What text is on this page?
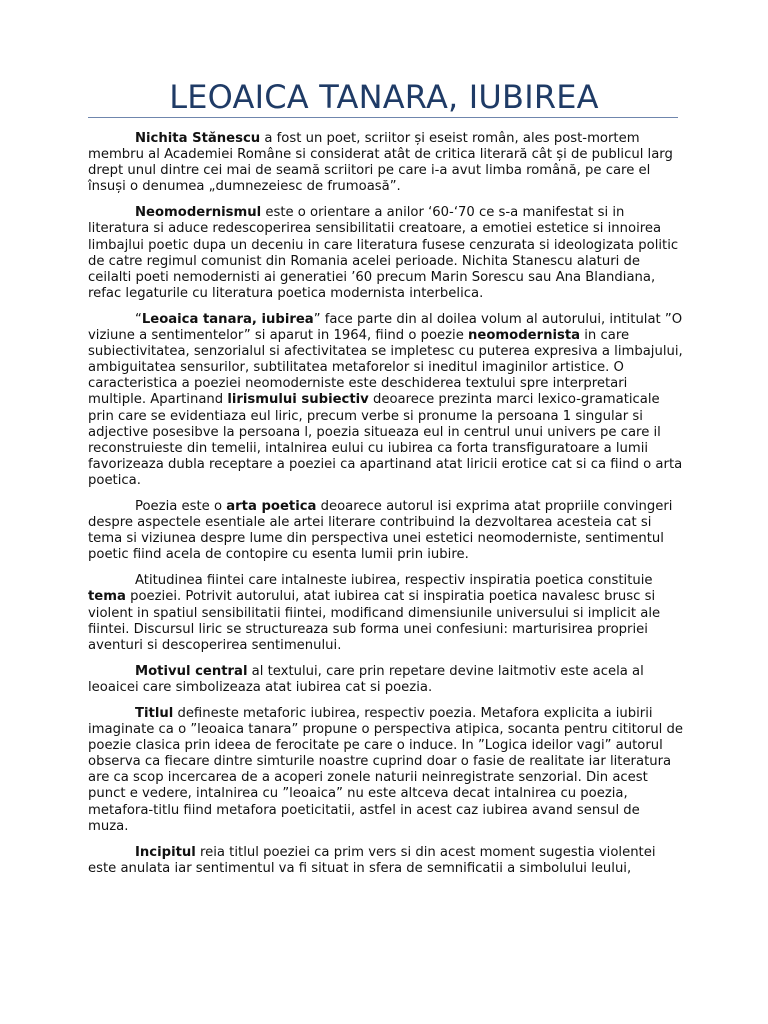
LEOAICA TANARA, IUBIREA

Nichita Stănescu a fost un poet, scriitor și eseist român, ales post-mortem membru al Academiei Române si considerat atât de critica literară cât și de publicul larg drept unul dintre cei mai de seamă scriitori pe care i-a avut limba română, pe care el însuși o denumea „dumnezeiesc de frumoasă”.

Neomodernismul este o orientare a anilor ‘60-‘70 ce s-a manifestat si in literatura si aduce redescoperirea sensibilitatii creatoare, a emotiei estetice si innoirea limbajlui poetic dupa un deceniu in care literatura fusese cenzurata si ideologizata politic de catre regimul comunist din Romania acelei perioade. Nichita Stanescu alaturi de ceilalti poeti nemodernisti ai generatiei ’60 precum Marin Sorescu sau Ana Blandiana, refac legaturile cu literatura poetica modernista interbelica.

“Leoaica tanara, iubirea” face parte din al doilea volum al autorului, intitulat ”O viziune a sentimentelor” si aparut in 1964, fiind o poezie neomodernista in care subiectivitatea, senzorialul si afectivitatea se impletesc cu puterea expresiva a limbajului, ambiguitatea sensurilor, subtilitatea metaforelor si ineditul imaginilor artistice. O caracteristica a poeziei neomoderniste este deschiderea textului spre interpretari multiple. Apartinand lirismului subiectiv deoarece prezinta marci lexico-gramaticale prin care se evidentiaza eul liric, precum verbe si pronume la persoana 1 singular si adjective posesibve la persoana l, poezia situeaza eul in centrul unui univers pe care il reconstruieste din temelii, intalnirea eului cu iubirea ca forta transfiguratoare a lumii favorizeaza dubla receptare a poeziei ca apartinand atat liricii erotice cat si ca fiind o arta poetica.

Poezia este o arta poetica deoarece autorul isi exprima atat propriile convingeri despre aspectele esentiale ale artei literare contribuind la dezvoltarea acesteia cat si tema si viziunea despre lume din perspectiva unei estetici neomoderniste, sentimentul poetic fiind acela de contopire cu esenta lumii prin iubire.

Atitudinea fiintei care intalneste iubirea, respectiv inspiratia poetica constituie tema poeziei. Potrivit autorului, atat iubirea cat si inspiratia poetica navalesc brusc si violent in spatiul sensibilitatii fiintei, modificand dimensiunile universului si implicit ale fiintei. Discursul liric se structureaza sub forma unei confesiuni: marturisirea propriei aventuri si descoperirea sentimenului.

Motivul central al textului, care prin repetare devine laitmotiv este acela al leoaicei care simbolizeaza atat iubirea cat si poezia.

Titlul defineste metaforic iubirea, respectiv poezia. Metafora explicita a iubirii imaginate ca o ”leoaica tanara” propune o perspectiva atipica, socanta pentru cititorul de poezie clasica prin ideea de ferocitate pe care o induce. In ”Logica ideilor vagi” autorul observa ca fiecare dintre simturile noastre cuprind doar o fasie de realitate iar literatura are ca scop incercarea de a acoperi zonele naturii neinregistrate senzorial. Din acest punct e vedere, intalnirea cu ”leoaica” nu este altceva decat intalnirea cu poezia, metafora-titlu fiind metafora poeticitatii, astfel in acest caz iubirea avand sensul de muza.

Incipitul reia titlul poeziei ca prim vers si din acest moment sugestia violentei este anulata iar sentimentul va fi situat in sfera de semnificatii a simbolului leului,
